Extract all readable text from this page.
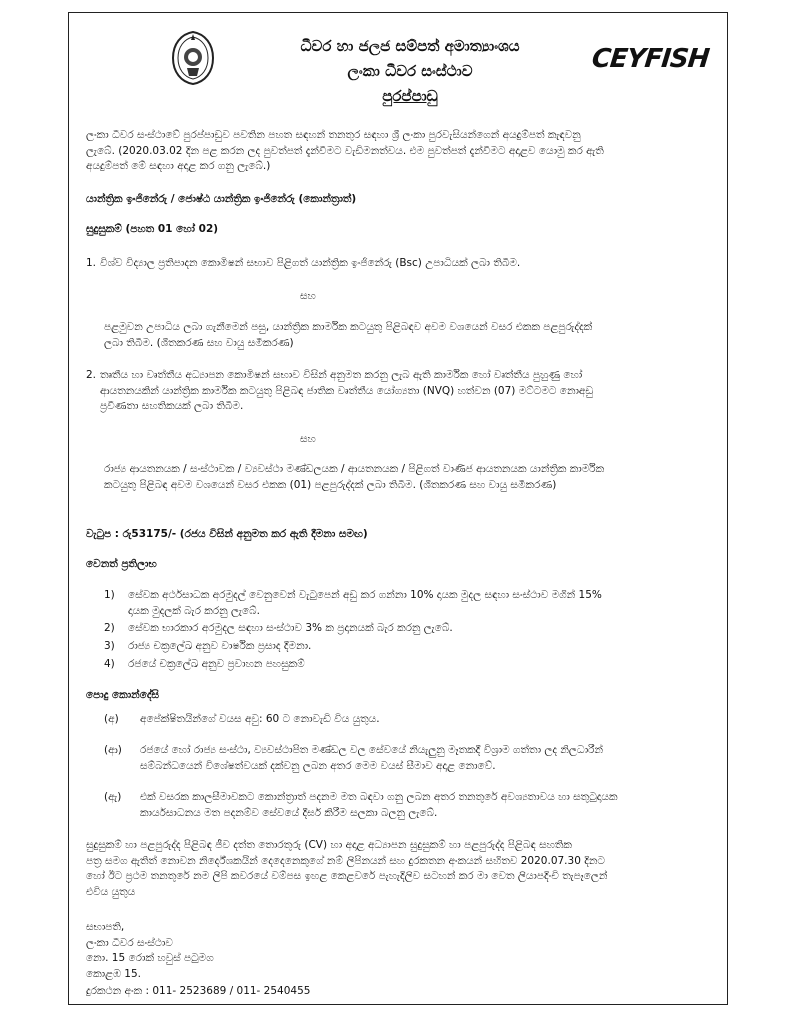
ධීවර හා ජලජ සම්පත් අමාත්‍යාංශය
ලංකා ධීවර සංස්ථාව
පුරප්පාඩු
CEYFISH
ලංකා ධීවර සංස්ථාවේ පුරප්පාඩුව පවතින පහත සඳහන් තනතුර සඳහා ශ්‍රී ලංකා පුරවැසියන්ගෙන් අයදුම්පත් කැඳවනු
ලැබේ. (2020.03.02 දින පළ කරන ලද පුවත්පත් දැන්වීමට වැඩිමනත්වය. එම පුවත්පත් දැන්වීමට අදාළව යොමු කර ඇති
අයදුම්පත් මේ සඳහා අදාළ කර ගනු ලැබේ.)
යාන්ත්‍රික ඉංජිනේරු / ජොෂ්ඨ යාන්ත්‍රික ඉංජිනේරු (කොන්ත්‍රාත්)
සුදුසුකම් (පහත 01 හෝ 02)
1. විශ්ව විද්‍යාල ප්‍රතිපාදන කොමිෂන් සභාව පිළිගත් යාන්ත්‍රික ඉංජිනේරු (Bsc) උපාධියක් ලබා තිබීම.
සහ
පළමුවන උපාධිය ලබා ගැනීමෙන් පසු, යාන්ත්‍රික කාර්මික කටයුතු පිළිබඳව අවම වශයෙන් වසර එකක පළපුරුද්දක්
ලබා තිබීම. (ශීතකරණ සහ වායු සමීකරණ)
2. තෘතීය හා වෘත්තීය අධ්‍යාපන කොමිෂන් සභාව විසින් අනුමත කරනු ලැබ ඇති කාර්මික හෝ වෘත්තීය පුහුණු හෝ
ආයතනයකින් යාන්ත්‍රික කාර්මික කටයුතු පිළිබඳ ජාතික වෘත්තීය යෝග්‍යතා (NVQ) හත්වන (07) මට්ටමට නොඅඩු
ප්‍රවීණතා සහතිකයක් ලබා තිබීම.
සහ
රාජ්‍ය ආයතනයක / සංස්ථාවක / ව්‍යවස්ථා මණ්ඩලයක / ආයතනයක / පිළිගත් වාණිජ ආයතනයක යාන්ත්‍රික කාර්මික
කටයුතු පිළිබඳ අවම වශයෙන් වසර එකක (01) පළපුරුද්දක් ලබා තිබීම. (ශීතකරණ සහ වායු සමීකරණ)
වැටුප : රු53175/- (රජය විසින් අනුමත කර ඇති දීමනා සමඟ)
වෙනත් ප්‍රතිලාභ
1) සේවක අර්ථසාධක අරමුදල් වෙනුවෙන් වැටුපෙන් අඩු කර ගන්නා 10% දායක මුදල සඳහා සංස්ථාව මගින් 15%
දායක මුදලක් බැර කරනු ලැබේ.
2) සේවක භාරකාර අරමුදල සඳහා සංස්ථාව 3% ක ප්‍රදානයක් බැර කරනු ලැබේ.
3) රාජ්‍ය චක්‍රලේඛ අනුව වාර්ෂික ප්‍රසාද දීමනා.
4) රජයේ චක්‍රලේඛ අනුව ප්‍රවාහන පහසුකම්
පොදු කොන්දේසි
(අ) අපේක්ෂිතයින්ගේ වයස අවු: 60 ට නොවැඩි විය යුතුය.
(ආ) රජයේ හෝ රාජ්‍ය සංස්ථා, ව්‍යවස්ථාපිත මණ්ඩල වල සේවයේ නියැලුනු මෑතකදී විශ්‍රාම ගත්තා ලද නිලධාරීන්
සම්බන්ධයෙන් විශේෂත්වයක් දක්වනු ලබන අතර මෙම වයස් සීමාව අදාළ නොවේ.
(ඇ) එක් වසරක කාලසීමාවකට කොන්ත්‍රාත් පදනම මත බඳවා ගනු ලබන අතර තනතුරේ අවශ්‍යතාවය හා සතුටුදායක
කාර්යසාධනය මත පදනම්ව සේවයේ දීර්ඝ කිරීම සලකා බලනු ලැබේ.
සුදුසුකම් හා පළපුරුද්ද පිළිබඳ ජීව දත්ත තොරතුරු (CV) හා අදාළ අධ්‍යාපන සුදුසුකම් හා පළපුරුද්ද පිළිබඳ සහතික
පත්‍ර සමග ඇතිත් නොවන නිර්දේශකයින් දෙදෙනෙකුගේ නම් ලිපිනයන් සහ දුරකතන අංකයන් සහිතව 2020.07.30 දිනට
හෝ ඊට ප්‍රථම තනතුරේ නම ලිපි කවරයේ වම්පස ඉහළ කෙළවරේ පැහැදිලිව සටහන් කර මා වෙත ලියාපදිංචි තැපෑලෙන්
එවිය යුතුය
සභාපති,
ලංකා ධීවර සංස්ථාව
නො. 15 රොක් හවුස් පටුමග
කොළඹ 15.
දුරකථන අංක : 011- 2523689 / 011- 2540455
